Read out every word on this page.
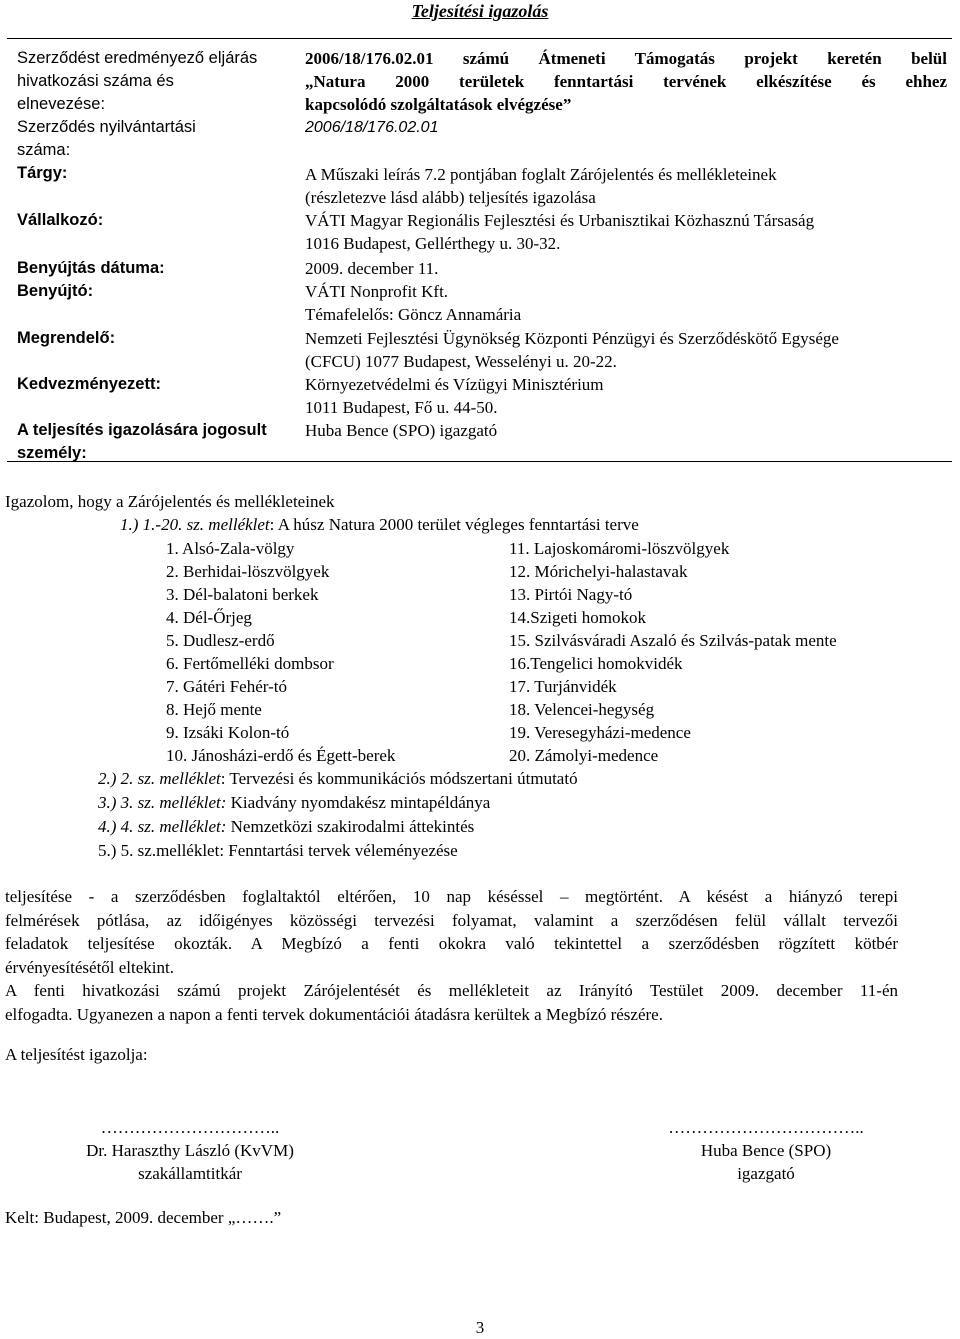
Teljesítési igazolás
Szerződést eredményező eljárás
hivatkozási száma és
elnevezése:
2006/18/176.02.01 számú Átmeneti Támogatás projekt keretén belül
„Natura 2000 területek fenntartási tervének elkészítése és ehhez
kapcsolódó szolgáltatások elvégzése”
Szerződés nyilvántartási
száma:
2006/18/176.02.01
Tárgy:	A Műszaki leírás 7.2 pontjában foglalt Zárójelentés és mellékleteinek
(részletezve lásd alább) teljesítés igazolása
Vállalkozó:	VÁTI Magyar Regionális Fejlesztési és Urbanisztikai Közhasznú Társaság
1016 Budapest, Gellérthegy u. 30-32.
Benyújtás dátuma:	2009. december 11.
Benyújtó:	VÁTI Nonprofit Kft.
Témafelelős: Göncz Annamária
Megrendelő:	Nemzeti Fejlesztési Ügynökség Központi Pénzügyi és Szerződéskötő Egysége
(CFCU) 1077 Budapest, Wesselényi u. 20-22.
Kedvezményezett:	Környezetvédelmi és Vízügyi Minisztérium
1011 Budapest, Fő u. 44-50.
A teljesítés igazolására jogosult
személy:
Huba Bence (SPO) igazgató
Igazolom, hogy a Zárójelentés és mellékleteinek
1.) 1.-20. sz. melléklet: A húsz Natura 2000 terület végleges fenntartási terve
1. Alsó-Zala-völgy
2. Berhidai-löszvölgyek
3. Dél-balatoni berkek
4. Dél-Őrjeg
5. Dudlesz-erdő
6. Fertőmelléki dombsor
7. Gátéri Fehér-tó
8. Hejő mente
9. Izsáki Kolon-tó
10. Jánosházi-erdő és Égett-berek
11. Lajoskomáromi-löszvölgyek
12. Mórichelyi-halastavak
13. Pirtói Nagy-tó
14.Szigeti homokok
15. Szilvásváradi Aszaló és Szilvás-patak mente
16.Tengelici homokvidék
17. Turjánvidék
18. Velencei-hegység
19. Veresegyházi-medence
20. Zámolyi-medence
2.) 2. sz. melléklet: Tervezési és kommunikációs módszertani útmutató
3.) 3. sz. melléklet: Kiadvány nyomdakész mintapéldánya
4.) 4. sz. melléklet: Nemzetközi szakirodalmi áttekintés
5.) 5. sz.melléklet: Fenntartási tervek véleményezése
teljesítése - a szerződésben foglaltaktól eltérően, 10 nap késéssel – megtörtént. A késést a hiányzó terepi
felmérések pótlása, az időigényes közösségi tervezési folyamat, valamint a szerződésen felül vállalt tervezői
feladatok teljesítése okozták. A Megbízó a fenti okokra való tekintettel a szerződésben rögzített kötbér
érvényesítésétől eltekint.
A fenti hivatkozási számú projekt Zárójelentését és mellékleteit az Irányító Testület 2009. december 11-én
elfogadta. Ugyanezen a napon a fenti tervek dokumentációi átadásra kerültek a Megbízó részére.
A teljesítést igazolja:
…………………………..
Dr. Haraszthy László (KvVM)
szakállamtitkár
……………………………..
Huba Bence (SPO)
igazgató
Kelt: Budapest, 2009. december „…….”
3
